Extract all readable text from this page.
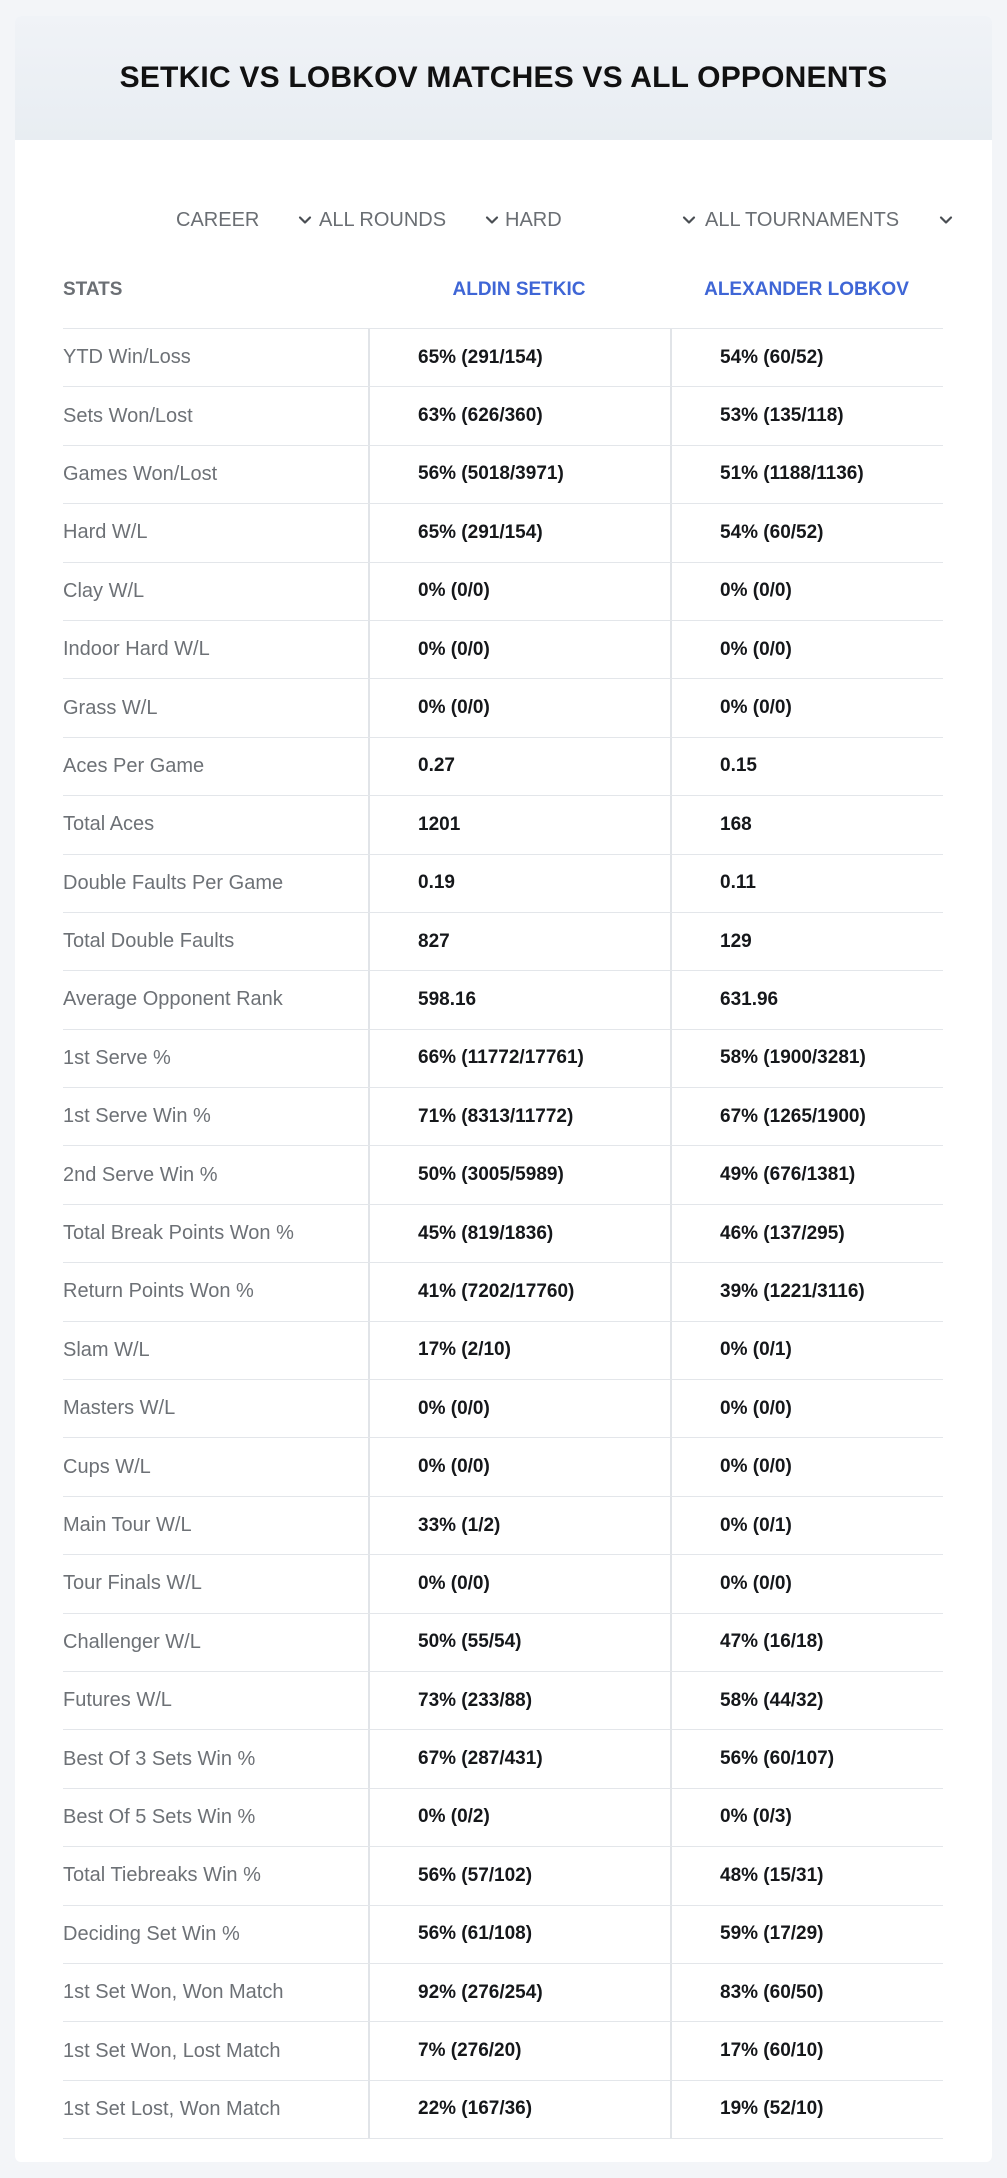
SETKIC VS LOBKOV MATCHES VS ALL OPPONENTS
CAREER	ALL ROUNDS	HARD	ALL TOURNAMENTS
STATS	ALDIN SETKIC	ALEXANDER LOBKOV
YTD Win/Loss	65% (291/154)	54% (60/52)
Sets Won/Lost	63% (626/360)	53% (135/118)
Games Won/Lost	56% (5018/3971)	51% (1188/1136)
Hard W/L	65% (291/154)	54% (60/52)
Clay W/L	0% (0/0)	0% (0/0)
Indoor Hard W/L	0% (0/0)	0% (0/0)
Grass W/L	0% (0/0)	0% (0/0)
Aces Per Game	0.27	0.15
Total Aces	1201	168
Double Faults Per Game	0.19	0.11
Total Double Faults	827	129
Average Opponent Rank	598.16	631.96
1st Serve %	66% (11772/17761)	58% (1900/3281)
1st Serve Win %	71% (8313/11772)	67% (1265/1900)
2nd Serve Win %	50% (3005/5989)	49% (676/1381)
Total Break Points Won %	45% (819/1836)	46% (137/295)
Return Points Won %	41% (7202/17760)	39% (1221/3116)
Slam W/L	17% (2/10)	0% (0/1)
Masters W/L	0% (0/0)	0% (0/0)
Cups W/L	0% (0/0)	0% (0/0)
Main Tour W/L	33% (1/2)	0% (0/1)
Tour Finals W/L	0% (0/0)	0% (0/0)
Challenger W/L	50% (55/54)	47% (16/18)
Futures W/L	73% (233/88)	58% (44/32)
Best Of 3 Sets Win %	67% (287/431)	56% (60/107)
Best Of 5 Sets Win %	0% (0/2)	0% (0/3)
Total Tiebreaks Win %	56% (57/102)	48% (15/31)
Deciding Set Win %	56% (61/108)	59% (17/29)
1st Set Won, Won Match	92% (276/254)	83% (60/50)
1st Set Won, Lost Match	7% (276/20)	17% (60/10)
1st Set Lost, Won Match	22% (167/36)	19% (52/10)
